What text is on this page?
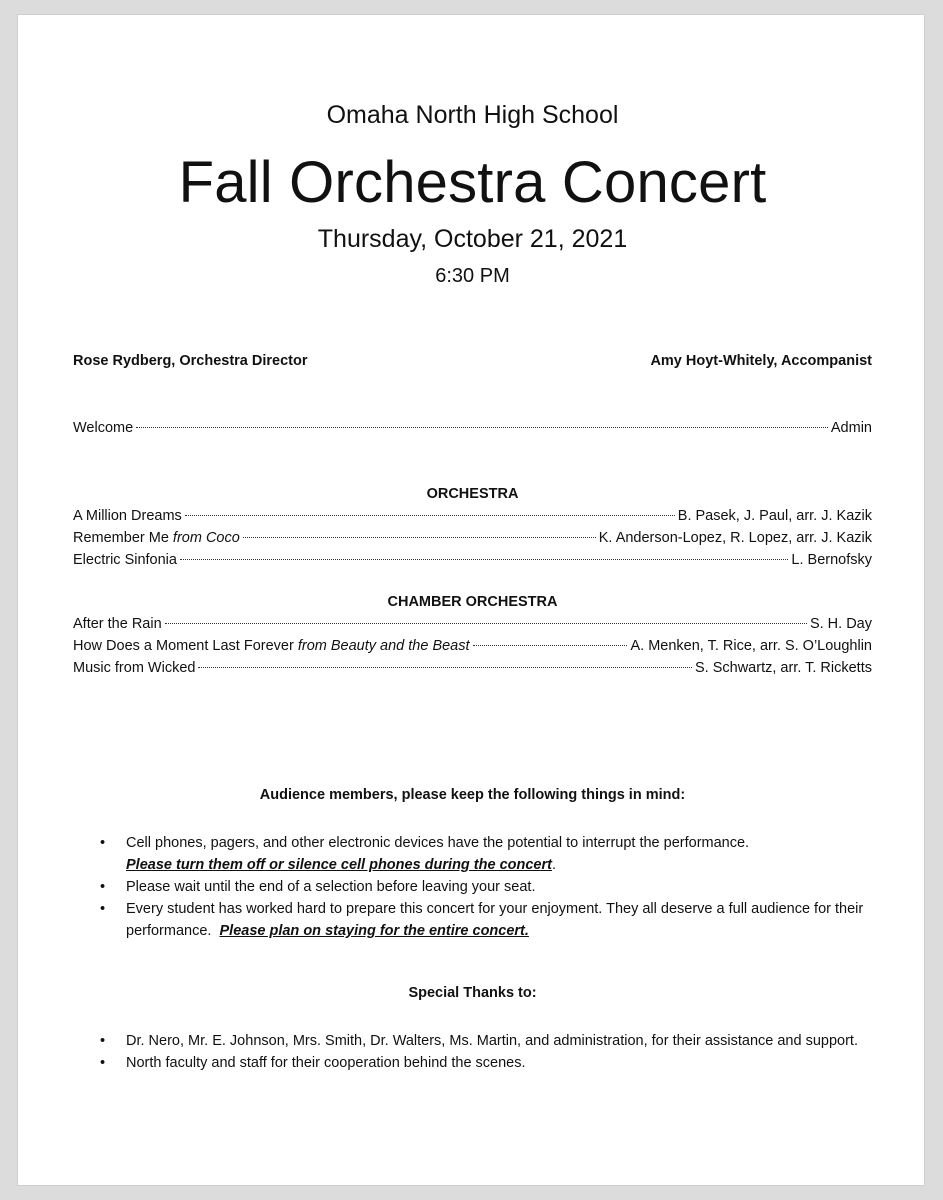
Omaha North High School
Fall Orchestra Concert
Thursday, October 21, 2021
6:30 PM
Rose Rydberg, Orchestra Director	Amy Hoyt-Whitely, Accompanist
Welcome	Admin
ORCHESTRA
A Million Dreams	B. Pasek, J. Paul, arr. J. Kazik
Remember Me from Coco	K. Anderson-Lopez, R. Lopez, arr. J. Kazik
Electric Sinfonia	L. Bernofsky
CHAMBER ORCHESTRA
After the Rain	S. H. Day
How Does a Moment Last Forever from Beauty and the Beast	A. Menken, T. Rice, arr. S. O’Loughlin
Music from Wicked	S. Schwartz, arr. T. Ricketts
Audience members, please keep the following things in mind:
• Cell phones, pagers, and other electronic devices have the potential to interrupt the performance.
Please turn them off or silence cell phones during the concert.
• Please wait until the end of a selection before leaving your seat.
• Every student has worked hard to prepare this concert for your enjoyment. They all deserve a full audience for their performance. Please plan on staying for the entire concert.
Special Thanks to:
• Dr. Nero, Mr. E. Johnson, Mrs. Smith, Dr. Walters, Ms. Martin, and administration, for their assistance and support.
• North faculty and staff for their cooperation behind the scenes.
